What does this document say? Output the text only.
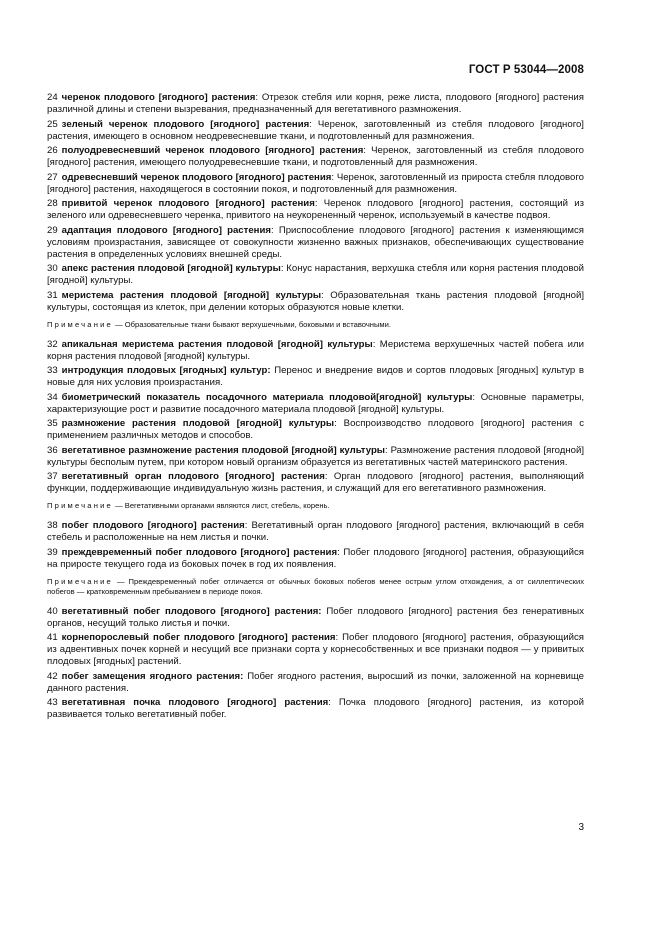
ГОСТ Р 53044—2008

24 черенок плодового [ягодного] растения: Отрезок стебля или корня, реже листа, плодового [ягодного] растения различной длины и степени вызревания, предназначенный для вегетативного размножения.

25 зеленый черенок плодового [ягодного] растения: Черенок, заготовленный из стебля плодового [ягодного] растения, имеющего в основном неодревесневшие ткани, и подготовленный для размножения.

26 полуодревесневший черенок плодового [ягодного] растения: Черенок, заготовленный из стебля плодового [ягодного] растения, имеющего полуодревесневшие ткани, и подготовленный для размножения.

27 одревесневший черенок плодового [ягодного] растения: Черенок, заготовленный из прироста стебля плодового [ягодного] растения, находящегося в состоянии покоя, и подготовленный для размножения.

28 привитой черенок плодового [ягодного] растения: Черенок плодового [ягодного] растения, состоящий из зеленого или одревесневшего черенка, привитого на неукорененный черенок, используемый в качестве подвоя.

29 адаптация плодового [ягодного] растения: Приспособление плодового [ягодного] растения к изменяющимся условиям произрастания, зависящее от совокупности жизненно важных признаков, обеспечивающих существование растения в определенных условиях внешней среды.

30 апекс растения плодовой [ягодной] культуры: Конус нарастания, верхушка стебля или корня растения плодовой [ягодной] культуры.

31 меристема растения плодовой [ягодной] культуры: Образовательная ткань растения плодовой [ягодной] культуры, состоящая из клеток, при делении которых образуются новые клетки.

Примечание — Образовательные ткани бывают верхушечными, боковыми и вставочными.

32 апикальная меристема растения плодовой [ягодной] культуры: Меристема верхушечных частей побега или корня растения плодовой [ягодной] культуры.

33 интродукция плодовых [ягодных] культур: Перенос и внедрение видов и сортов плодовых [ягодных] культур в новые для них условия произрастания.

34 биометрический показатель посадочного материала плодовой[ягодной] культуры: Основные параметры, характеризующие рост и развитие посадочного материала плодовой [ягодной] культуры.

35 размножение растения плодовой [ягодной] культуры: Воспроизводство плодового [ягодного] растения с применением различных методов и способов.

36 вегетативное размножение растения плодовой [ягодной] культуры: Размножение растения плодовой [ягодной] культуры бесполым путем, при котором новый организм образуется из вегетативных частей материнского растения.

37 вегетативный орган плодового [ягодного] растения: Орган плодового [ягодного] растения, выполняющий функции, поддерживающие индивидуальную жизнь растения, и служащий для его вегетативного размножения.

Примечание — Вегетативными органами являются лист, стебель, корень.

38 побег плодового [ягодного] растения: Вегетативный орган плодового [ягодного] растения, включающий в себя стебель и расположенные на нем листья и почки.

39 преждевременный побег плодового [ягодного] растения: Побег плодового [ягодного] растения, образующийся на приросте текущего года из боковых почек в год их появления.

Примечание — Преждевременный побег отличается от обычных боковых побегов менее острым углом отхождения, а от силлептических побегов — кратковременным пребыванием в периоде покоя.

40 вегетативный побег плодового [ягодного] растения: Побег плодового [ягодного] растения без генеративных органов, несущий только листья и почки.

41 корнепорослевый побег плодового [ягодного] растения: Побег плодового [ягодного] растения, образующийся из адвентивных почек корней и несущий все признаки сорта у корнесобственных и все признаки подвоя — у привитых плодовых [ягодных] растений.

42 побег замещения ягодного растения: Побег ягодного растения, выросший из почки, заложенной на корневище данного растения.

43 вегетативная почка плодового [ягодного] растения: Почка плодового [ягодного] растения, из которой развивается только вегетативный побег.

3
